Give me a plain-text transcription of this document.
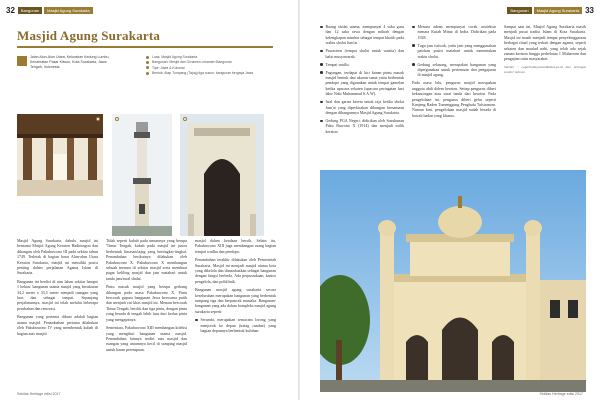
32	Bangunan	Masjid Agung Surakarta
Masjid Agung Surakarta
Jalan Alun-Alun Utara, Kelurahan Kedung Lumbu, Kecamatan Pasar Kliwon, Kota Surakarta, Jawa Tengah, Indonesia.
Luas: Masjid Agung Surakarta
Bangunan: Mesjid dan Ornamen-ornamen Bangunan
Tipe: Jawa & Kolonial
Bentuk: Atap Tumpang (Tajug) tiga susun, bangunan bergaya Jawa

Masjid Agung Surakarta, dahulu masjid ini bernama Masjid Agung Keraton Hadiningrat dan dibangun oleh Pakubuwono III pada sekitar tahun 1749. Terletak di bagian barat Alun-alun Utara Keraton Surakarta, masjid ini memiliki posisi penting dalam perjalanan Agama Islam di Surakarta.

Bangunan ini berdiri di atas lahan sekitar hampir 1 hektar, bangunan utama masjid yang berukuran 34,2 meter x 33,5 meter menjadi ruangan yang luas dan sebagai tempat. Sepanjang perjalanannya, masjid ini telah melalui beberapa perubahan dan renovasi.

Bangunan yang pertama dibuat adalah bagian utama masjid. Penambahan pertama dilakukan oleh Pakubuwono IV yang membentuk kubah di bagian atas masjid.

Tidak seperti kubah pada umumnya yang berupa 'Timur Tengah, kubah pada masjid ini justru berbentuk limasan/tajug yang bertingkat-tingkat. Penambahan berikutnya dilakukan oleh Pakubuwono X. Pakubuwono X membangun sebuah menara di sekitar masjid serta membuat pagar keliling masjid dan jam matahari untuk tanda jam/awal shalat.

Pintu masuk masjid yang berupa gerbang dibangun pada masa Pakubuwono X. Pintu bercorak gapura bangunan Jawa berwarna putih dan menjadi ciri khas masjid ini. Menara bercorak Timur Tengah, berdiri dan tiga pintu, dengan pintu yang berada di tengah lebih luas dari kedua pintu yang mengapitnya.

Sementara, Pakubuwono XIII membangun koleksi yang mengiluri bangunan utama masjid. Penambahan lainnya terdiri atas masjid dan ruangan yang umumnya kecil di samping masjid untuk kaum perempuan.

masjid dalam keadaan bersih. Selain itu, Pakubuwono XIII juga membangun ruang bagian tempat wudhu dan pendopo.

Penambahan terakhir dilakukan oleh Pemerintah Surakarta. Masjid ini menjadi masjid utama kota yang dikelola dan dimanfaatkan sebagai bangunan dengan fungsi berbeda. Ada perpustakaan, kantor pengelola, dan poliklinik.

Bangunan masjid agung surakarta secara keseluruhan merupakan bangunan yang berbentuk tumpang tiga dan berpuncak mustaka. Bangunan-bangunan yang ada dalam kompleks masjid agung surakarta seperti:

Serambi, merupakan semacam lorong yang menjorok ke depan (tratag rambat) yang bagian depannya berbentuk kuluhan.
Sekilas Heritage edisi 2017
Bangunan	Masjid Agung Surakarta 33
Ruang sholat utama, mempunyai 4 saka guru dan 12 saka rawa dengan mihrab dengan kelengkapan mimbar sebagai tempat khotib pada waktu sholat Jum'at.
Pawastren (tempat sholat untuk wanita) dan balai musyawarah.
Tempat wudlu.
Pagongan, terdapat di kiri kanan pintu masuk masjid bentuk dan ukuran sama yaitu berbentuk pendopo yang digunakan untuk tempat gamelan ketika upacara sekaten (upacara peringatan hari lahir Nabi Muhammad S.A.W).
Istal dan garasi kereta untuk raja ketika sholat Jum'at yang diperkirakan dibangun bersamaan dengan dibangunnya Masjid Agung Surakarta.
Gedung PGA Negeri, didirikan oleh Susuhunan Paku Buwono X (1914) dan menjadi milik keraton.
Menara adzan mempunyai corak arsitektur menara Kutab Minar di India. Didirikan pada 1928.
Tugu jam istiwak, yaitu jam yang menggunakan patokan posisi matahari untuk menentukan waktu sholat.
Gedung selasong, merupakan bangunan yang dipergunakan untuk pertemuan dan pengajaran di masjid agung.

Pada masa lalu, pengurus masjid merupakan anggota abdi dalem keraton. Setiap pengurus diberi kekancingan atau surat tanda dari keraton. Pada pengelolaan ini, pengurus diberi gelar seperti Kanjeng Raden Tumenggung Penghulu Tafsiranom. Namun kini, pengelolaan masjid sudah berada di bawah badan yang khusus.

Sampai saat ini, Masjid Agung Surakarta masih menjadi pusat tradisi Islam di Kota Surakarta. Masjid ini masih menjadi tempat penyelenggaraan berbagai ritual yang terkait dengan agama, seperti sekaten dan maulud nabi, yang telah ada sejak zaman keraton hingga perhelatan 1 Muharram dan pengajian rutin masyarakat.

Sumber : cagarbudaya.kemdikbud.go.id dan berbagai sumber lainnya

Sekilas Heritage edisi 2017
